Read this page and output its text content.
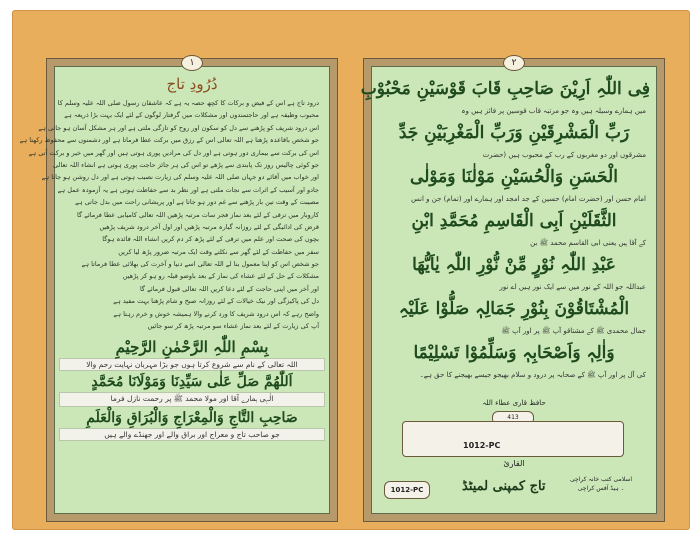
دُرُودِ تاج
درود تاج ہے اس کے فیض و برکات کا کچھ حصہ یہ ہے کہ عاشقان رسول صلی اللہ علیہ وسلم کا
محبوب وظیفہ ہے اور حاجتمندوں اور مشکلات میں گرفتار لوگوں کے لئے ایک بہت بڑا ذریعہ ہے
اس درود شریف کو پڑھنے سے دل کو سکون اور روح کو تازگی ملتی ہے اور ہر مشکل آسان ہو جاتی ہے
جو شخص باقاعدہ پڑھتا ہے اللہ تعالی اس کے رزق میں برکت عطا فرماتا ہے اور دشمنوں سے محفوظ رکھتا ہے
اس کی برکت سے بیماری دور ہوتی ہے اور دل کی مرادیں پوری ہوتی ہیں اور گھر میں خیر و برکت آتی ہے
جو کوئی چالیس روز تک پابندی سے پڑھے تو اس کی ہر جائز حاجت پوری ہوتی ہے انشاء اللہ تعالی
اور خواب میں آقائے دو جہاں صلی اللہ علیہ وسلم کی زیارت نصیب ہوتی ہے اور دل روشن ہو جاتا ہے
جادو اور آسیب کے اثرات سے نجات ملتی ہے اور نظر بد سے حفاظت ہوتی ہے یہ آزمودہ عمل ہے
مصیبت کے وقت تین بار پڑھنے سے غم دور ہو جاتا ہے اور پریشانی راحت میں بدل جاتی ہے
کاروبار میں ترقی کے لئے بعد نماز فجر سات مرتبہ پڑھیں اللہ تعالی کامیابی عطا فرمائے گا
قرض کی ادائیگی کے لئے روزانہ گیارہ مرتبہ پڑھیں اور اول آخر درود شریف پڑھیں
بچوں کی صحت اور علم میں ترقی کے لئے پڑھ کر دم کریں انشاء اللہ فائدہ ہوگا
سفر میں حفاظت کے لئے گھر سے نکلتے وقت ایک مرتبہ ضرور پڑھ لیا کریں
جو شخص اس کو اپنا معمول بنا لے اللہ تعالی اسے دنیا و آخرت کی بھلائی عطا فرماتا ہے
مشکلات کے حل کے لئے عشاء کی نماز کے بعد باوضو قبلہ رو ہو کر پڑھیں
اور آخر میں اپنی حاجت کے لئے دعا کریں اللہ تعالی قبول فرمائے گا
دل کی پاکیزگی اور نیک خیالات کے لئے روزانہ صبح و شام پڑھنا بہت مفید ہے
واضح رہے کہ اس درود شریف کا ورد کرنے والا ہمیشہ خوش و خرم رہتا ہے
آپ کی زیارت کے لئے بعد نماز عشاء سو مرتبہ پڑھ کر سو جائیں
بِسْمِ اللّٰہِ الرَّحْمٰنِ الرَّحِیْمِ
اللہ تعالی کے نام سے شروع کرتا ہوں جو بڑا مہربان نہایت رحم والا
اَللّٰھُمَّ صَلِّ عَلٰی سَیِّدِنَا وَمَوْلَانَا مُحَمَّدٍ
الٰہی ہمارے آقا اور مولا محمد ﷺ پر رحمت نازل فرما
صَاحِبِ التَّاجِ وَالْمِعْرَاجِ وَالْبُرَاقِ وَالْعَلَمِ
جو صاحب تاج و معراج اور براق والے اور جھنڈے والے ہیں
١
فِی اللّٰہِ اَرِیْنَ صَاحِبِ قَابَ قَوْسَیْنِ مَحْبُوْبِ
میں ہمارے وسیلہ ہیں وہ جو مرتبہ قاب قوسین پر فائز ہیں وہ
رَبِّ الْمَشْرِقَیْنِ وَرَبِّ الْمَغْرِبَیْنِ جَدِّ
مشرقوں اور دو مغربوں کے رب کے محبوب ہیں (حضرت
الْحَسَنِ وَالْحُسَیْنِ مَوْلٰنَا وَمَوْلٰی
امام حسن اور (حضرت امام) حسین کے جد امجد اور ہمارے اور (تمام) جن و انس
الثَّقَلَیْنِ اَبِی الْقَاسِمِ مُحَمَّدِ ابْنِ
کے آقا ہیں یعنی ابی القاسم محمد ﷺ بن
عَبْدِ اللّٰہِ نُوْرٍ مِّنْ نُّوْرِ اللّٰہِ یٰاَیُّھَا
عبداللہ جو اللہ کے نور میں سے ایک نور ہیں اے نور
الْمُشْتَاقُوْنَ بِنُوْرِ جَمَالِہٖ صَلُّوْا عَلَیْہِ
جمال محمدی ﷺ کے مشتاقو آپ ﷺ پر اور آپ ﷺ
وَاٰلِہٖ وَاَصْحَابِہٖ وَسَلِّمُوْا تَسْلِیْمًا
کی آل پر اور آپ ﷺ کے صحابہ پر درود و سلام بھیجو جیسے بھیجنے کا حق ہے۔
حافظ قاری عطاء اللہ
413
1012-PC
القارئ
1012-PC	تاج کمپنی لمیٹڈ	اسلامی کتب خانہ کراچی ۔ ہیڈ آفس کراچی
٢
